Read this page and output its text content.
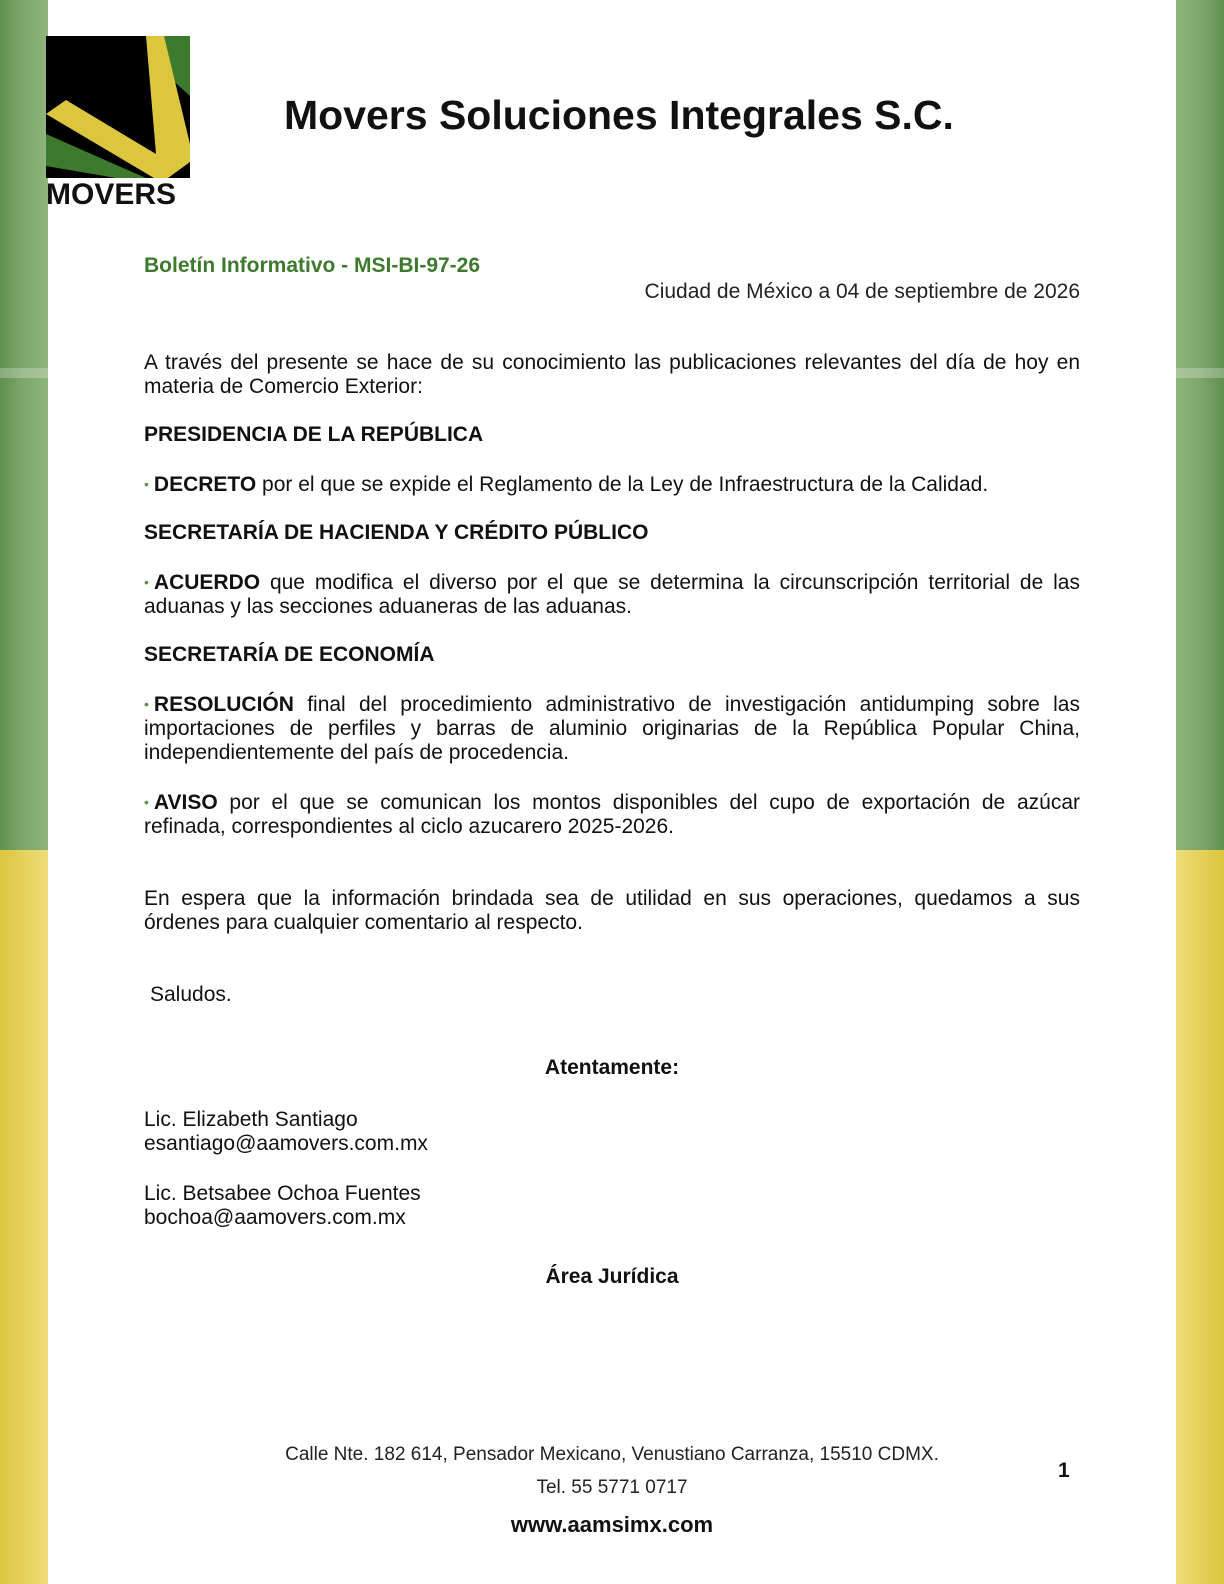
MOVERS
Movers Soluciones Integrales S.C.
Boletín Informativo - MSI-BI-97-26
Ciudad de México a 04 de septiembre de 2026

A través del presente se hace de su conocimiento las publicaciones relevantes del día de hoy en materia de Comercio Exterior:

PRESIDENCIA DE LA REPÚBLICA

• DECRETO por el que se expide el Reglamento de la Ley de Infraestructura de la Calidad.

SECRETARÍA DE HACIENDA Y CRÉDITO PÚBLICO

• ACUERDO que modifica el diverso por el que se determina la circunscripción territorial de las aduanas y las secciones aduaneras de las aduanas.

SECRETARÍA DE ECONOMÍA

• RESOLUCIÓN final del procedimiento administrativo de investigación antidumping sobre las importaciones de perfiles y barras de aluminio originarias de la República Popular China, independientemente del país de procedencia.

• AVISO por el que se comunican los montos disponibles del cupo de exportación de azúcar refinada, correspondientes al ciclo azucarero 2025-2026.

En espera que la información brindada sea de utilidad en sus operaciones, quedamos a sus órdenes para cualquier comentario al respecto.

Saludos.
Atentamente:
Lic. Elizabeth Santiago
esantiago@aamovers.com.mx
Lic. Betsabee Ochoa Fuentes
bochoa@aamovers.com.mx
Área Jurídica
Calle Nte. 182 614, Pensador Mexicano, Venustiano Carranza, 15510 CDMX.
Tel. 55 5771 0717
www.aamsimx.com
1
